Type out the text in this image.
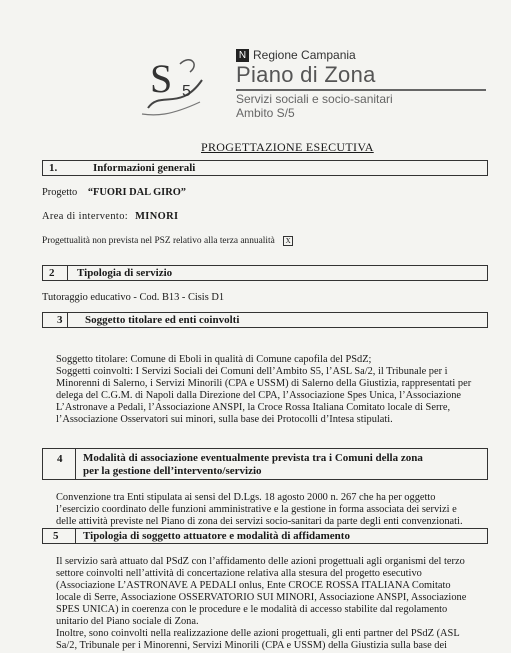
S 5
N Regione Campania
Piano di Zona
Servizi sociali e socio-sanitari
Ambito S/5
PROGETTAZIONE ESECUTIVA
1.	Informazioni generali
Progetto “FUORI DAL GIRO”
Area di intervento: MINORI
Progettualità non prevista nel PSZ relativo alla terza annualità X
2 Tipologia di servizio
Tutoraggio educativo - Cod. B13 - Cisis D1
3 Soggetto titolare ed enti coinvolti
Soggetto titolare: Comune di Eboli in qualità di Comune capofila del PSdZ;
Soggetti coinvolti: I Servizi Sociali dei Comuni dell’Ambito S5, l’ASL Sa/2, il Tribunale per i
Minorenni di Salerno, i Servizi Minorili (CPA e USSM) di Salerno della Giustizia, rappresentati per
delega del C.G.M. di Napoli dalla Direzione del CPA, l’Associazione Spes Unica, l’Associazione
L’Astronave a Pedali, l’Associazione ANSPI, la Croce Rossa Italiana Comitato locale di Serre,
l’Associazione Osservatori sui minori, sulla base dei Protocolli d’Intesa stipulati.
4 Modalità di associazione eventualmente prevista tra i Comuni della zona
per la gestione dell’intervento/servizio
Convenzione tra Enti stipulata ai sensi del D.Lgs. 18 agosto 2000 n. 267 che ha per oggetto
l’esercizio coordinato delle funzioni amministrative e la gestione in forma associata dei servizi e
delle attività previste nel Piano di zona dei servizi socio-sanitari da parte degli enti convenzionati.
5 Tipologia di soggetto attuatore e modalità di affidamento
Il servizio sarà attuato dal PSdZ con l’affidamento delle azioni progettuali agli organismi del terzo
settore coinvolti nell’attività di concertazione relativa alla stesura del progetto esecutivo
(Associazione L’ASTRONAVE A PEDALI onlus, Ente CROCE ROSSA ITALIANA Comitato
locale di Serre, Associazione OSSERVATORIO SUI MINORI, Associazione ANSPI, Associazione
SPES UNICA) in coerenza con le procedure e le modalità di accesso stabilite dal regolamento
unitario del Piano sociale di Zona.
Inoltre, sono coinvolti nella realizzazione delle azioni progettuali, gli enti partner del PSdZ (ASL
Sa/2, Tribunale per i Minorenni, Servizi Minorili (CPA e USSM) della Giustizia sulla base dei
